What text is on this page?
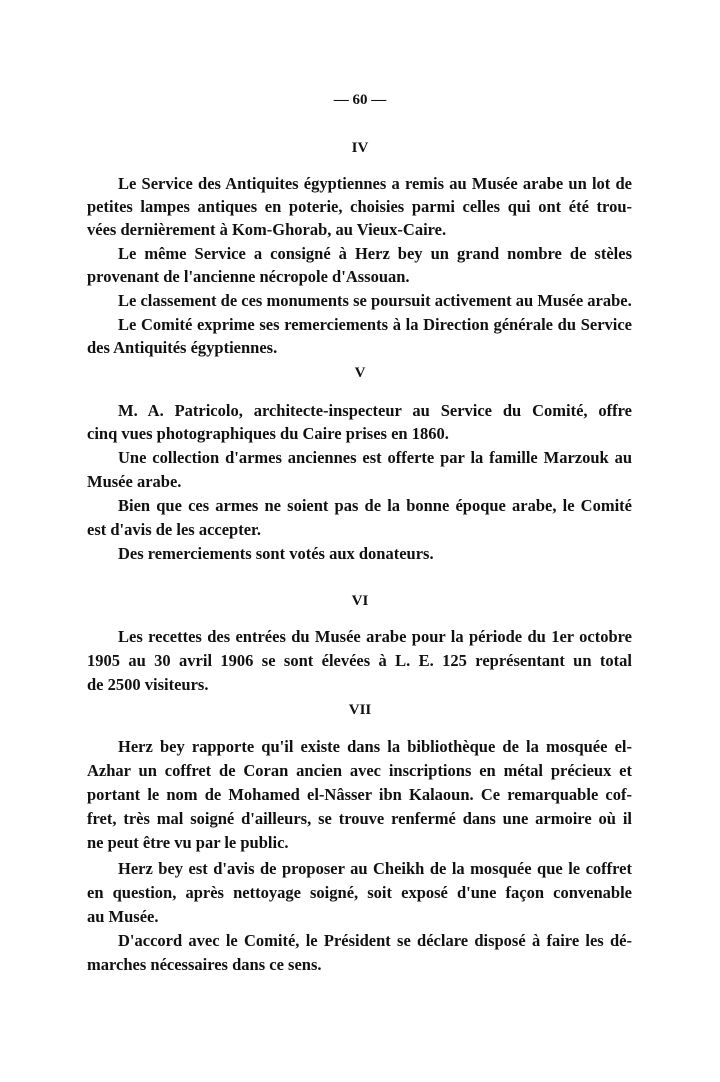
— 60 —
IV
Le Service des Antiquites égyptiennes a remis au Musée arabe un lot de
petites lampes antiques en poterie, choisies parmi celles qui ont été trou-
vées dernièrement à Kom-Ghorab, au Vieux-Caire.
Le même Service a consigné à Herz bey un grand nombre de stèles
provenant de l'ancienne nécropole d'Assouan.
Le classement de ces monuments se poursuit activement au Musée arabe.
Le Comité exprime ses remerciements à la Direction générale du Service
des Antiquités égyptiennes.
V
M. A. Patricolo, architecte-inspecteur au Service du Comité, offre
cinq vues photographiques du Caire prises en 1860.
Une collection d'armes anciennes est offerte par la famille Marzouk au
Musée arabe.
Bien que ces armes ne soient pas de la bonne époque arabe, le Comité
est d'avis de les accepter.
Des remerciements sont votés aux donateurs.
VI
Les recettes des entrées du Musée arabe pour la période du 1er octobre
1905 au 30 avril 1906 se sont élevées à L. E. 125 représentant un total
de 2500 visiteurs.
VII
Herz bey rapporte qu'il existe dans la bibliothèque de la mosquée el-
Azhar un coffret de Coran ancien avec inscriptions en métal précieux et
portant le nom de Mohamed el-Nâsser ibn Kalaoun. Ce remarquable cof-
fret, très mal soigné d'ailleurs, se trouve renfermé dans une armoire où il
ne peut être vu par le public.
Herz bey est d'avis de proposer au Cheikh de la mosquée que le coffret
en question, après nettoyage soigné, soit exposé d'une façon convenable
au Musée.
D'accord avec le Comité, le Président se déclare disposé à faire les dé-
marches nécessaires dans ce sens.
